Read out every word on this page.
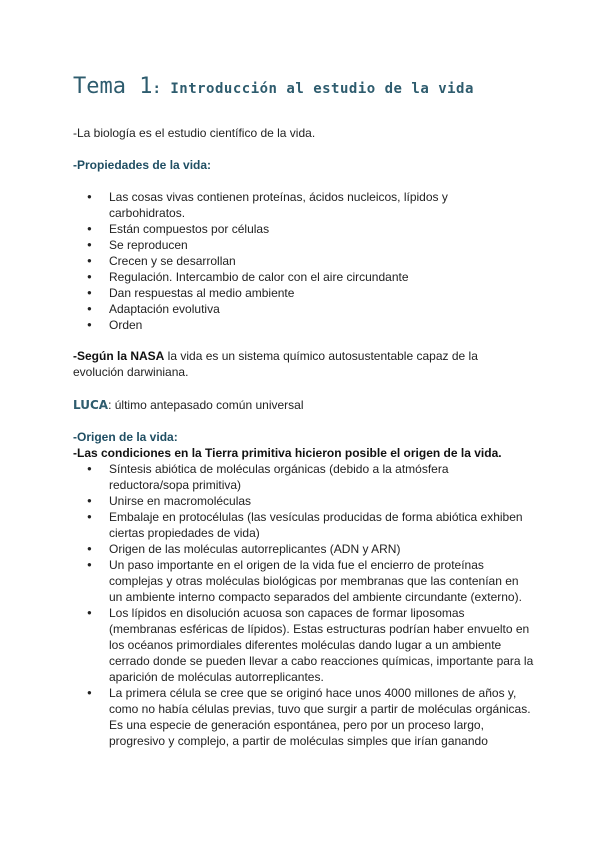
Tema 1: Introducción al estudio de la vida
-La biología es el estudio científico de la vida.
-Propiedades de la vida:
● Las cosas vivas contienen proteínas, ácidos nucleicos, lípidos y carbohidratos.
● Están compuestos por células
● Se reproducen
● Crecen y se desarrollan
● Regulación. Intercambio de calor con el aire circundante
● Dan respuestas al medio ambiente
● Adaptación evolutiva
● Orden
-Según la NASA la vida es un sistema químico autosustentable capaz de la
evolución darwiniana.
LUCA: último antepasado común universal
-Origen de la vida:
-Las condiciones en la Tierra primitiva hicieron posible el origen de la vida.
● Síntesis abiótica de moléculas orgánicas (debido a la atmósfera reductora/sopa primitiva)
● Unirse en macromoléculas
● Embalaje en protocélulas (las vesículas producidas de forma abiótica exhiben ciertas propiedades de vida)
● Origen de las moléculas autorreplicantes (ADN y ARN)
● Un paso importante en el origen de la vida fue el encierro de proteínas complejas y otras moléculas biológicas por membranas que las contenían en un ambiente interno compacto separados del ambiente circundante (externo).
● Los lípidos en disolución acuosa son capaces de formar liposomas (membranas esféricas de lípidos). Estas estructuras podrían haber envuelto en los océanos primordiales diferentes moléculas dando lugar a un ambiente cerrado donde se pueden llevar a cabo reacciones químicas, importante para la aparición de moléculas autorreplicantes.
● La primera célula se cree que se originó hace unos 4000 millones de años y, como no había células previas, tuvo que surgir a partir de moléculas orgánicas. Es una especie de generación espontánea, pero por un proceso largo, progresivo y complejo, a partir de moléculas simples que irían ganando
